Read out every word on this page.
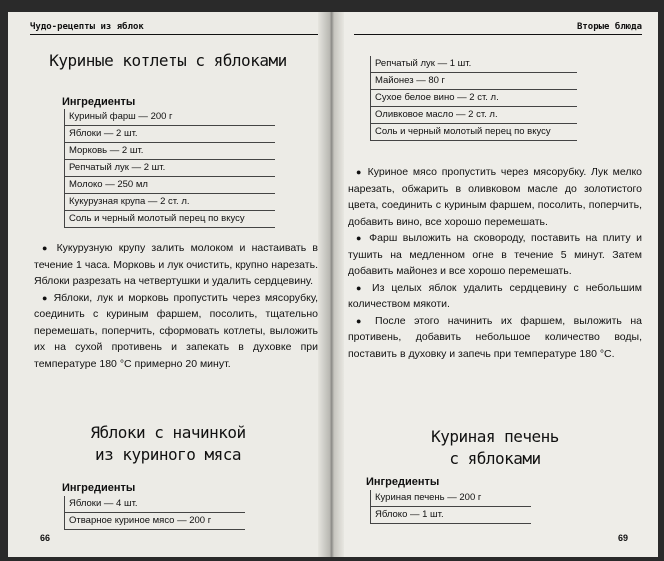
Чудо-рецепты из яблок
Куриные котлеты с яблоками
Ингредиенты
Куриный фарш — 200 г
Яблоки — 2 шт.
Морковь — 2 шт.
Репчатый лук — 2 шт.
Молоко — 250 мл
Кукурузная крупа — 2 ст. л.
Соль и черный молотый перец по вкусу

● Кукурузную крупу залить молоком и настаивать в течение 1 часа. Морковь и лук очистить, крупно нарезать. Яблоки разрезать на четвертушки и удалить сердцевину.

● Яблоки, лук и морковь пропустить через мясорубку, соединить с куриным фаршем, посолить, тщательно перемешать, поперчить, сформовать котлеты, выложить их на сухой противень и запекать в духовке при температуре 180 °С примерно 20 минут.

Яблоки с начинкой
из куриного мяса
Ингредиенты
Яблоки — 4 шт.
Отварное куриное мясо — 200 г
66
Вторые блюда
Репчатый лук — 1 шт.
Майонез — 80 г
Сухое белое вино — 2 ст. л.
Оливковое масло — 2 ст. л.
Соль и черный молотый перец по вкусу

● Куриное мясо пропустить через мясорубку. Лук мелко нарезать, обжарить в оливковом масле до золотистого цвета, соединить с куриным фаршем, посолить, поперчить, добавить вино, все хорошо перемешать.

● Фарш выложить на сковороду, поставить на плиту и тушить на медленном огне в течение 5 минут. Затем добавить майонез и все хорошо перемешать.

● Из целых яблок удалить сердцевину с небольшим количеством мякоти.

● После этого начинить их фаршем, выложить на противень, добавить небольшое количество воды, поставить в духовку и запечь при температуре 180 °С.

Куриная печень
с яблоками
Ингредиенты
Куриная печень — 200 г
Яблоко — 1 шт.
69
